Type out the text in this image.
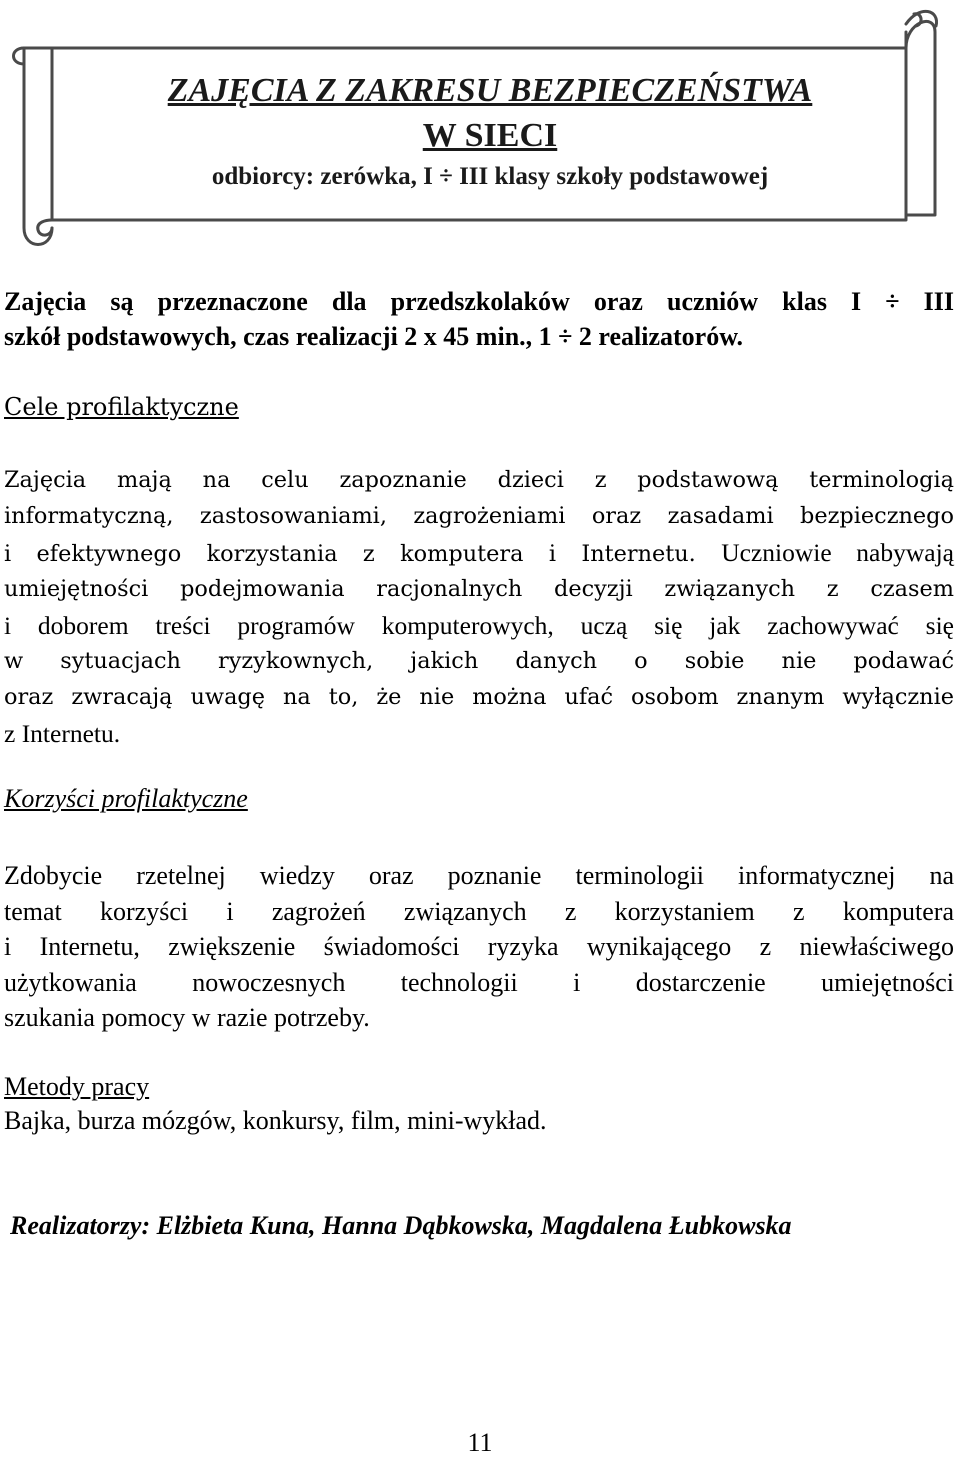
ZAJĘCIA Z ZAKRESU BEZPIECZEŃSTWA
W SIECI
odbiorcy: zerówka, I ÷ III klasy szkoły podstawowej
Zajęcia są przeznaczone dla przedszkolaków oraz uczniów klas I ÷ III
szkół podstawowych, czas realizacji 2 x 45 min., 1 ÷ 2 realizatorów.
Cele profilaktyczne
Zajęcia mają na celu zapoznanie dzieci z podstawową terminologią
informatyczną, zastosowaniami, zagrożeniami oraz zasadami bezpiecznego
i efektywnego korzystania z komputera i Internetu. Uczniowie nabywają
umiejętności podejmowania racjonalnych decyzji związanych z czasem
i doborem treści programów komputerowych, uczą się jak zachowywać się
w sytuacjach ryzykownych, jakich danych o sobie nie podawać
oraz zwracają uwagę na to, że nie można ufać osobom znanym wyłącznie
z Internetu.
Korzyści profilaktyczne
Zdobycie rzetelnej wiedzy oraz poznanie terminologii informatycznej na
temat korzyści i zagrożeń związanych z korzystaniem z komputera
i Internetu, zwiększenie świadomości ryzyka wynikającego z niewłaściwego
użytkowania nowoczesnych technologii i dostarczenie umiejętności
szukania pomocy w razie potrzeby.
Metody pracy
Bajka, burza mózgów, konkursy, film, mini-wykład.
Realizatorzy: Elżbieta Kuna, Hanna Dąbkowska, Magdalena Łubkowska
11
